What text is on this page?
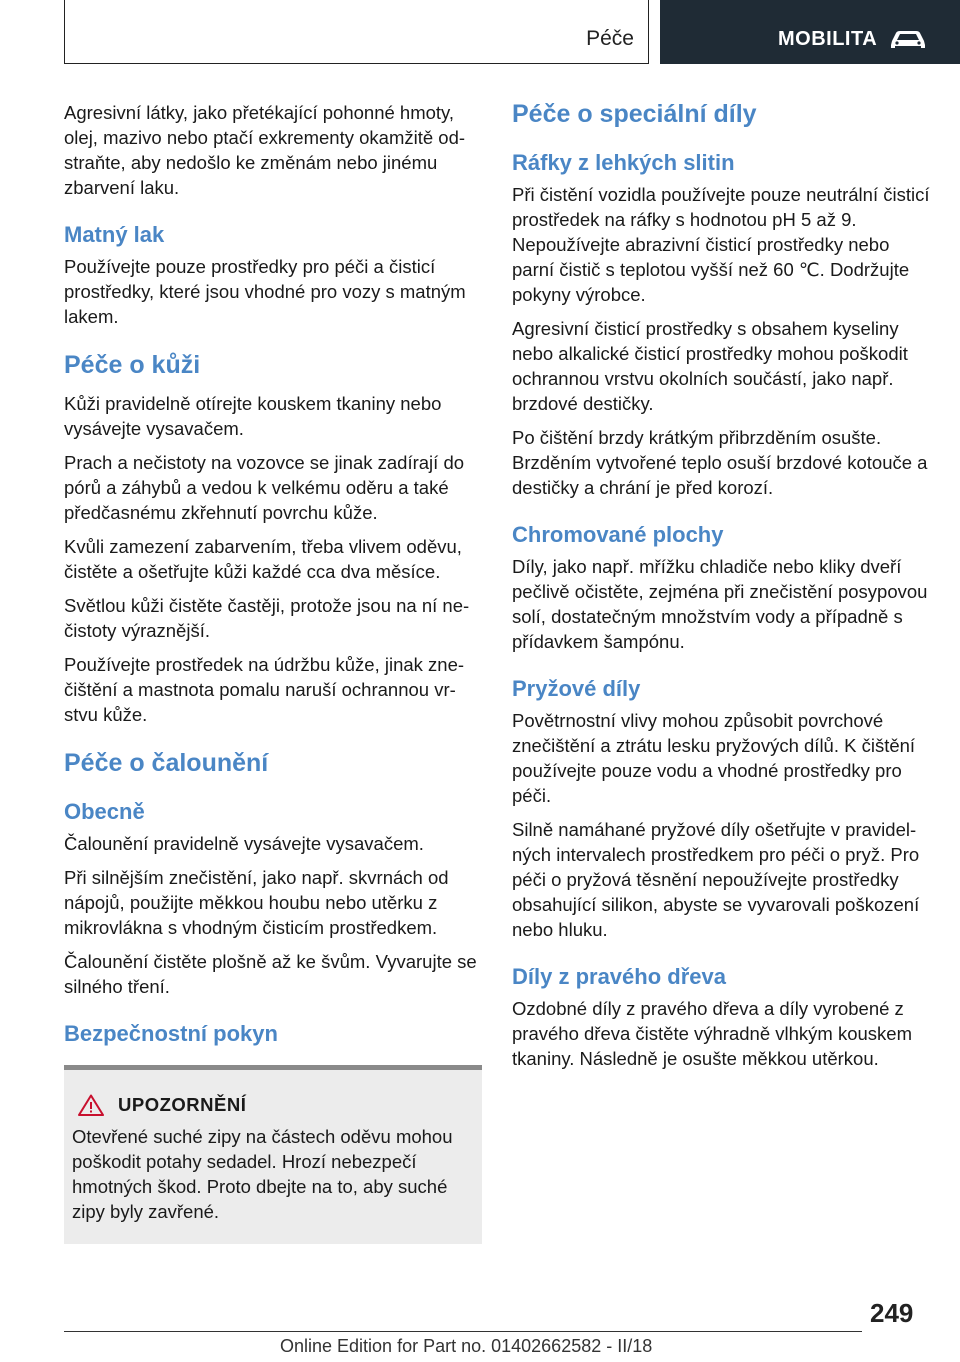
Péče	MOBILITA

Agresivní látky, jako přetékající pohonné hmoty, olej, mazivo nebo ptačí exkrementy okamžitě odstraňte, aby nedošlo ke změnám nebo jinému zbarvení laku.

Matný lak

Používejte pouze prostředky pro péči a čisticí prostředky, které jsou vhodné pro vozy s matným lakem.

Péče o kůži

Kůži pravidelně otírejte kouskem tkaniny nebo vysávejte vysavačem.

Prach a nečistoty na vozovce se jinak zadírají do pórů a záhybů a vedou k velkému oděru a také předčasnému zkřehnutí povrchu kůže.

Kvůli zamezení zabarvením, třeba vlivem oděvu, čistěte a ošetřujte kůži každé cca dva měsíce.

Světlou kůži čistěte častěji, protože jsou na ní nečistoty výraznější.

Používejte prostředek na údržbu kůže, jinak znečištění a mastnota pomalu naruší ochrannou vrstvu kůže.

Péče o čalounění
Obecně

Čalounění pravidelně vysávejte vysavačem.

Při silnějším znečistění, jako např. skvrnách od nápojů, použijte měkkou houbu nebo utěrku z mikrovlákna s vhodným čisticím prostředkem.

Čalounění čistěte plošně až ke švům. Vyvarujte se silného tření.

Bezpečnostní pokyn
UPOZORNĚNÍ

Otevřené suché zipy na částech oděvu mohou poškodit potahy sedadel. Hrozí nebezpečí hmotných škod. Proto dbejte na to, aby suché zipy byly zavřené.

Péče o speciální díly
Ráfky z lehkých slitin

Při čistění vozidla používejte pouze neutrální čisticí prostředek na ráfky s hodnotou pH 5 až 9. Nepoužívejte abrazivní čisticí prostředky nebo parní čistič s teplotou vyšší než 60 ℃. Dodržujte pokyny výrobce.

Agresivní čisticí prostředky s obsahem kyseliny nebo alkalické čisticí prostředky mohou poškodit ochrannou vrstvu okolních součástí, jako např. brzdové destičky.

Po čištění brzdy krátkým přibrzděním osušte. Brzděním vytvořené teplo osuší brzdové kotouče a destičky a chrání je před korozí.

Chromované plochy

Díly, jako např. mřížku chladiče nebo kliky dveří pečlivě očistěte, zejména při znečistění posypovou solí, dostatečným množstvím vody a případně s přídavkem šampónu.

Pryžové díly

Povětrnostní vlivy mohou způsobit povrchové znečištění a ztrátu lesku pryžových dílů. K čištění používejte pouze vodu a vhodné prostředky pro péči.

Silně namáhané pryžové díly ošetřujte v pravidelných intervalech prostředkem pro péči o pryž. Pro péči o pryžová těsnění nepoužívejte prostředky obsahující silikon, abyste se vyvarovali poškození nebo hluku.

Díly z pravého dřeva

Ozdobné díly z pravého dřeva a díly vyrobené z pravého dřeva čistěte výhradně vlhkým kouskem tkaniny. Následně je osušte měkkou utěrkou.

249
Online Edition for Part no. 01402662582 - II/18
